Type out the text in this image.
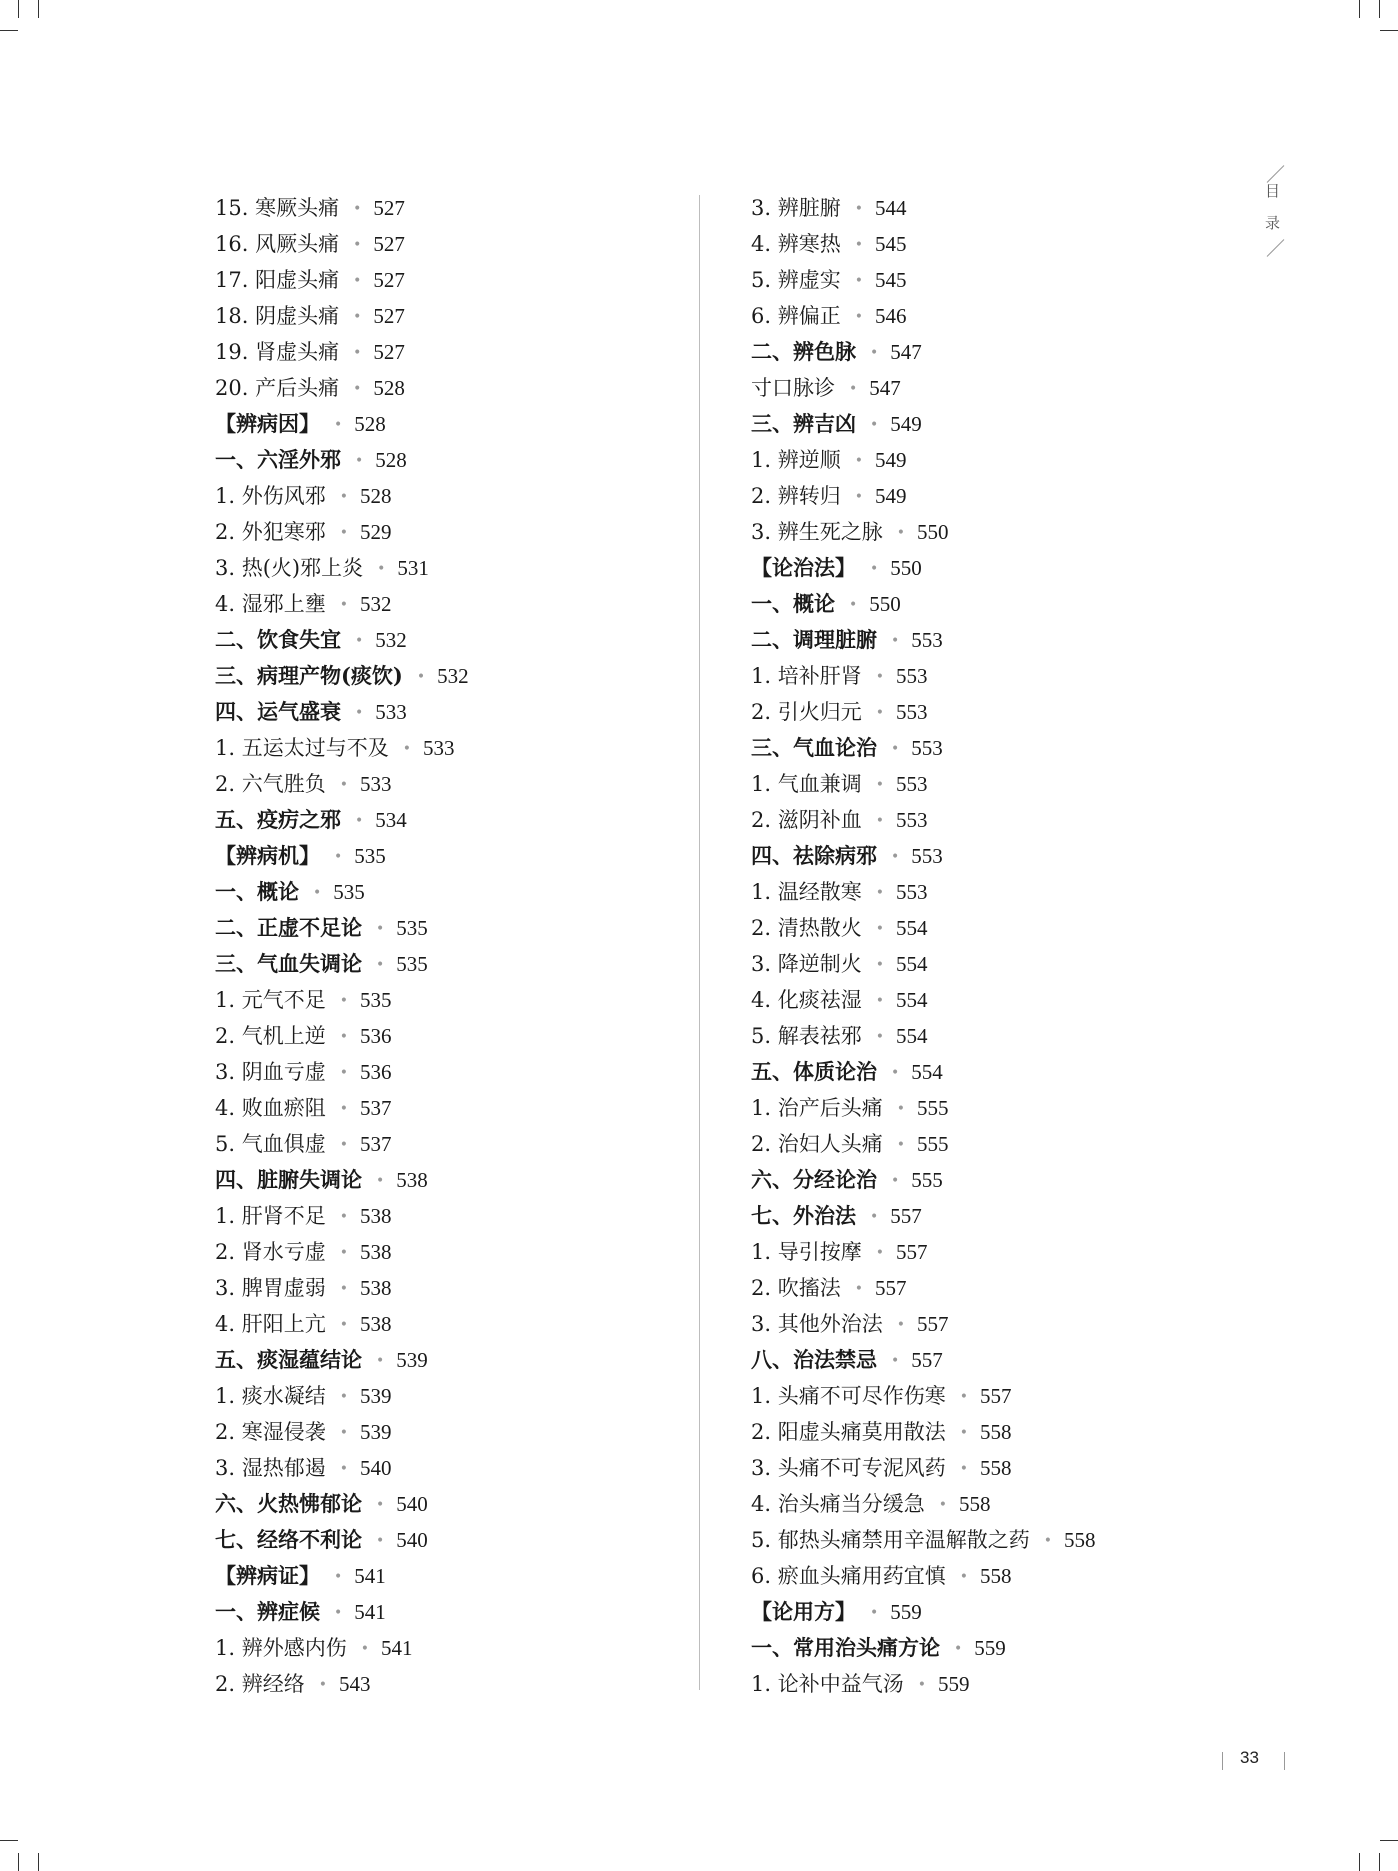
目
录
15. 寒厥头痛 • 527
16. 风厥头痛 • 527
17. 阳虚头痛 • 527
18. 阴虚头痛 • 527
19. 肾虚头痛 • 527
20. 产后头痛 • 528
【辨病因】 • 528
一、六淫外邪 • 528
1. 外伤风邪 • 528
2. 外犯寒邪 • 529
3. 热(火)邪上炎 • 531
4. 湿邪上壅 • 532
二、饮食失宜 • 532
三、病理产物(痰饮) • 532
四、运气盛衰 • 533
1. 五运太过与不及 • 533
2. 六气胜负 • 533
五、疫疠之邪 • 534
【辨病机】 • 535
一、概论 • 535
二、正虚不足论 • 535
三、气血失调论 • 535
1. 元气不足 • 535
2. 气机上逆 • 536
3. 阴血亏虚 • 536
4. 败血瘀阻 • 537
5. 气血俱虚 • 537
四、脏腑失调论 • 538
1. 肝肾不足 • 538
2. 肾水亏虚 • 538
3. 脾胃虚弱 • 538
4. 肝阳上亢 • 538
五、痰湿蕴结论 • 539
1. 痰水凝结 • 539
2. 寒湿侵袭 • 539
3. 湿热郁遏 • 540
六、火热怫郁论 • 540
七、经络不利论 • 540
【辨病证】 • 541
一、辨症候 • 541
1. 辨外感内伤 • 541
2. 辨经络 • 543
3. 辨脏腑 • 544
4. 辨寒热 • 545
5. 辨虚实 • 545
6. 辨偏正 • 546
二、辨色脉 • 547
寸口脉诊 • 547
三、辨吉凶 • 549
1. 辨逆顺 • 549
2. 辨转归 • 549
3. 辨生死之脉 • 550
【论治法】 • 550
一、概论 • 550
二、调理脏腑 • 553
1. 培补肝肾 • 553
2. 引火归元 • 553
三、气血论治 • 553
1. 气血兼调 • 553
2. 滋阴补血 • 553
四、祛除病邪 • 553
1. 温经散寒 • 553
2. 清热散火 • 554
3. 降逆制火 • 554
4. 化痰祛湿 • 554
5. 解表祛邪 • 554
五、体质论治 • 554
1. 治产后头痛 • 555
2. 治妇人头痛 • 555
六、分经论治 • 555
七、外治法 • 557
1. 导引按摩 • 557
2. 吹搐法 • 557
3. 其他外治法 • 557
八、治法禁忌 • 557
1. 头痛不可尽作伤寒 • 557
2. 阳虚头痛莫用散法 • 558
3. 头痛不可专泥风药 • 558
4. 治头痛当分缓急 • 558
5. 郁热头痛禁用辛温解散之药 • 558
6. 瘀血头痛用药宜慎 • 558
【论用方】 • 559
一、常用治头痛方论 • 559
1. 论补中益气汤 • 559
33
